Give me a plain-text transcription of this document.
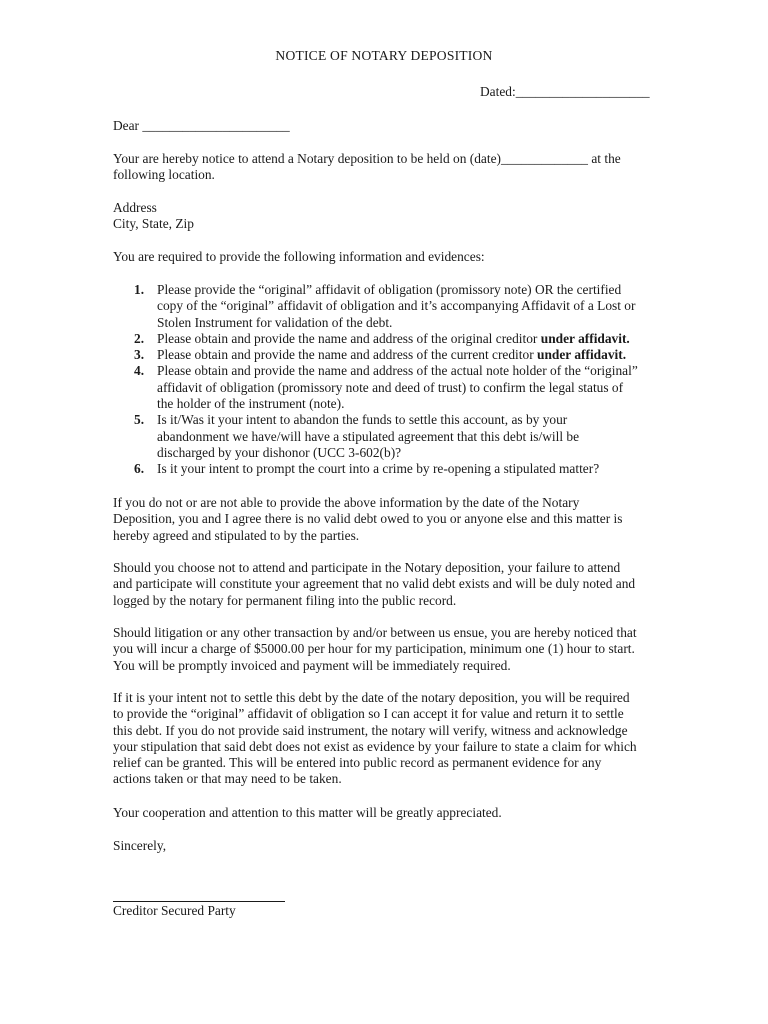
NOTICE OF NOTARY DEPOSITION

Dated:____________________

Dear ______________________

Your are hereby notice to attend a Notary deposition to be held on (date)_____________ at the
following location.

Address
City, State, Zip

You are required to provide the following information and evidences:

1. Please provide the “original” affidavit of obligation (promissory note) OR the certified
copy of the “original” affidavit of obligation and it’s accompanying Affidavit of a Lost or
Stolen Instrument for validation of the debt.
2. Please obtain and provide the name and address of the original creditor under affidavit.
3. Please obtain and provide the name and address of the current creditor under affidavit.
4. Please obtain and provide the name and address of the actual note holder of the “original”
affidavit of obligation (promissory note and deed of trust) to confirm the legal status of
the holder of the instrument (note).
5. Is it/Was it your intent to abandon the funds to settle this account, as by your
abandonment we have/will have a stipulated agreement that this debt is/will be
discharged by your dishonor (UCC 3-602(b)?
6. Is it your intent to prompt the court into a crime by re-opening a stipulated matter?

If you do not or are not able to provide the above information by the date of the Notary
Deposition, you and I agree there is no valid debt owed to you or anyone else and this matter is
hereby agreed and stipulated to by the parties.

Should you choose not to attend and participate in the Notary deposition, your failure to attend
and participate will constitute your agreement that no valid debt exists and will be duly noted and
logged by the notary for permanent filing into the public record.

Should litigation or any other transaction by and/or between us ensue, you are hereby noticed that
you will incur a charge of $5000.00 per hour for my participation, minimum one (1) hour to start.
You will be promptly invoiced and payment will be immediately required.

If it is your intent not to settle this debt by the date of the notary deposition, you will be required
to provide the “original” affidavit of obligation so I can accept it for value and return it to settle
this debt. If you do not provide said instrument, the notary will verify, witness and acknowledge
your stipulation that said debt does not exist as evidence by your failure to state a claim for which
relief can be granted. This will be entered into public record as permanent evidence for any
actions taken or that may need to be taken.

Your cooperation and attention to this matter will be greatly appreciated.

Sincerely,

Creditor Secured Party
